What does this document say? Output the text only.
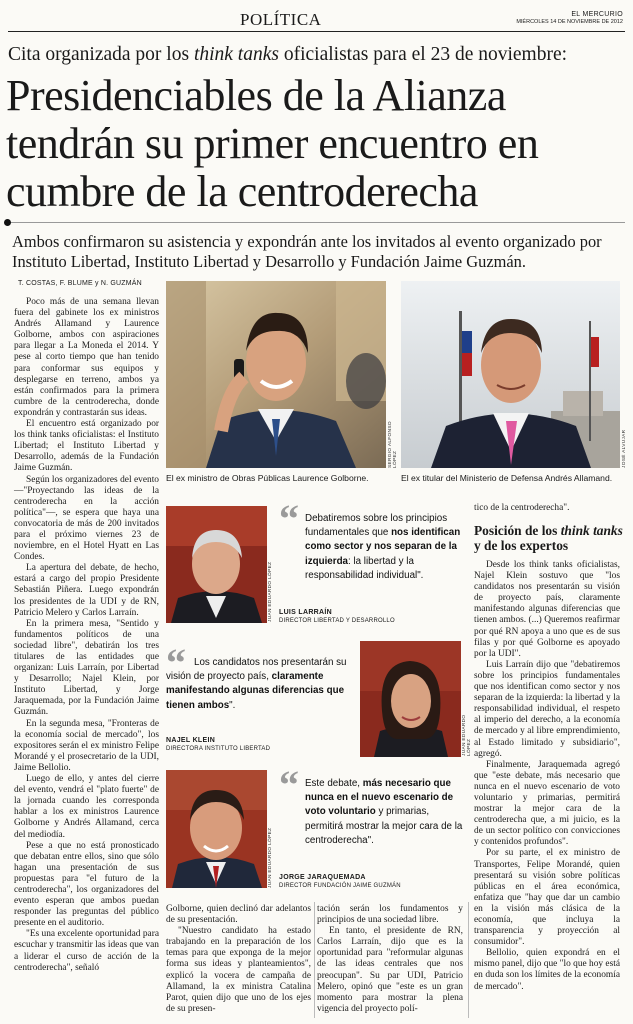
POLÍTICA	EL MERCURIO
MIÉRCOLES 14 DE NOVIEMBRE DE 2012
Cita organizada por los think tanks oficialistas para el 23 de noviembre:
Presidenciables de la Alianza tendrán su primer encuentro en cumbre de la centroderecha
Ambos confirmaron su asistencia y expondrán ante los invitados al evento organizado por Instituto Libertad, Instituto Libertad y Desarrollo y Fundación Jaime Guzmán.
T. COSTAS, F. BLUME y N. GUZMÁN

Poco más de una semana llevan fuera del gabinete los ex ministros Andrés Allamand y Laurence Golborne, ambos con aspiraciones para llegar a La Moneda el 2014. Y pese al corto tiempo que han tenido para conformar sus equipos y desplegarse en terreno, ambos ya están confirmados para la primera cumbre de la centroderecha, donde expondrán y contrastarán sus ideas.

El encuentro está organizado por los think tanks oficialistas: el Instituto Libertad; el Instituto Libertad y Desarrollo, además de la Fundación Jaime Guzmán.

Según los organizadores del evento —"Proyectando las ideas de la centroderecha en la acción política"—, se espera que haya una convocatoria de más de 200 invitados para el próximo viernes 23 de noviembre, en el Hotel Hyatt en Las Condes.

La apertura del debate, de hecho, estará a cargo del propio Presidente Sebastián Piñera. Luego expondrán los presidentes de la UDI y de RN, Patricio Melero y Carlos Larraín.

En la primera mesa, "Sentido y fundamentos políticos de una sociedad libre", debatirán los tres titulares de las entidades que organizan: Luis Larraín, por Libertad y Desarrollo; Najel Klein, por Instituto Libertad, y Jorge Jaraquemada, por la Fundación Jaime Guzmán.

En la segunda mesa, "Fronteras de la economía social de mercado", los expositores serán el ex ministro Felipe Morandé y el prosecretario de la UDI, Jaime Bellolio.

Luego de ello, y antes del cierre del evento, vendrá el "plato fuerte" de la jornada cuando les corresponda hablar a los ex ministros Laurence Golborne y Andrés Allamand, cerca del mediodía.

Pese a que no está pronosticado que debatan entre ellos, sino que sólo hagan una presentación de sus propuestas para "el futuro de la centroderecha", los organizadores del evento esperan que ambos puedan responder las preguntas del público presente en el auditorio.

"Es una excelente oportunidad para escuchar y transmitir las ideas que van a liderar el curso de acción de la centroderecha", señaló

SERGIO ALFONSO LÓPEZ
El ex ministro de Obras Públicas Laurence Golborne.
JOSÉ ALVUJAR
El ex titular del Ministerio de Defensa Andrés Allamand.
JUAN EDUARDO LÓPEZ
“ Debatiremos sobre los principios fundamentales que nos identifican como sector y nos separan de la izquierda: la libertad y la responsabilidad individual".
LUIS LARRAÍN
DIRECTOR LIBERTAD Y DESARROLLO
“	Los candidatos nos presentarán su visión de proyecto país, claramente manifestando algunas diferencias que tienen ambos".
NAJEL KLEIN
DIRECTORA INSTITUTO LIBERTAD	JUAN EDUARDO LÓPEZ
JUAN EDUARDO LÓPEZ
“ Este debate, más necesario que nunca en el nuevo escenario de voto voluntario y primarias, permitirá mostrar la mejor cara de la centroderecha".
JORGE JARAQUEMADA
DIRECTOR FUNDACIÓN JAIME GUZMÁN

Golborne, quien declinó dar adelantos de su presentación.

"Nuestro candidato ha estado trabajando en la preparación de los temas para que exponga de la mejor forma sus ideas y planteamientos", explicó la vocera de campaña de Allamand, la ex ministra Catalina Parot, quien dijo que uno de los ejes de su presen-

tación serán los fundamentos y principios de una sociedad libre.

En tanto, el presidente de RN, Carlos Larraín, dijo que es la oportunidad para "reformular algunas de las ideas centrales que nos preocupan". Su par UDI, Patricio Melero, opinó que "este es un gran momento para mostrar la plena vigencia del proyecto polí-

tico de la centroderecha".

Posición de los think tanks y de los expertos

Desde los think tanks oficialistas, Najel Klein sostuvo que "los candidatos nos presentarán su visión de proyecto país, claramente manifestando algunas diferencias que tienen ambos. (...) Queremos reafirmar por qué RN apoya a uno que es de sus filas y por qué Golborne es apoyado por la UDI".

Luis Larraín dijo que "debatiremos sobre los principios fundamentales que nos identifican como sector y nos separan de la izquierda: la libertad y la responsabilidad individual, el respeto al imperio del derecho, a la economía de mercado y al libre emprendimiento, al Estado limitado y subsidiario", agregó.

Finalmente, Jaraquemada agregó que "este debate, más necesario que nunca en el nuevo escenario de voto voluntario y primarias, permitirá mostrar la mejor cara de la centroderecha que, a mi juicio, es la de un sector político con convicciones y contenidos profundos".

Por su parte, el ex ministro de Transportes, Felipe Morandé, quien presentará su visión sobre políticas públicas en el área económica, enfatiza que "hay que dar un cambio en la visión más clásica de la economía, que incluya la transparencia y proyección al consumidor".

Bellolio, quien expondrá en el mismo panel, dijo que "lo que hoy está en duda son los límites de la economía de mercado".
